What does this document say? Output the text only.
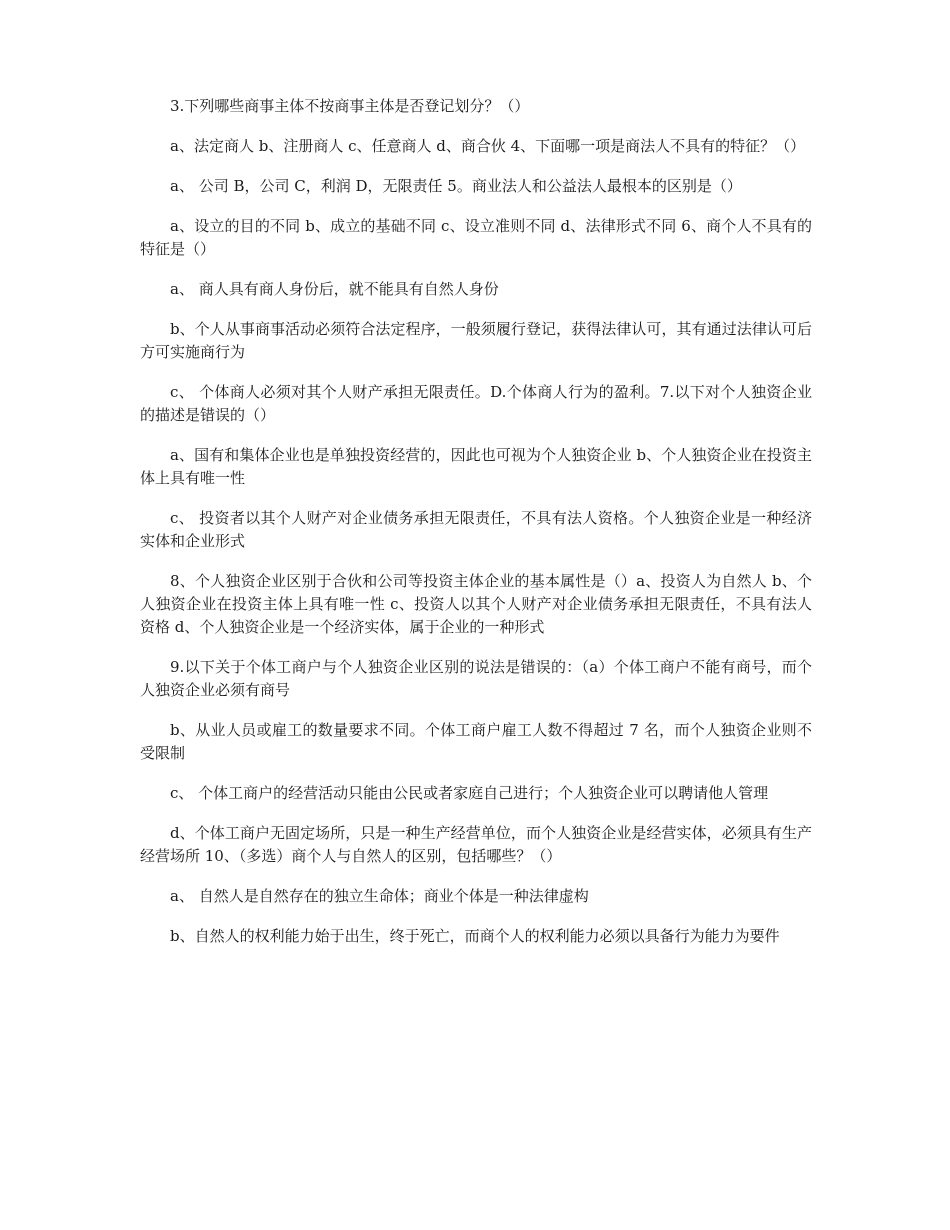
3.下列哪些商事主体不按商事主体是否登记划分？（）

a、法定商人 b、注册商人 c、任意商人 d、商合伙 4、下面哪一项是商法人不具有的特征？（）

a、 公司 B，公司 C，利润 D，无限责任 5。商业法人和公益法人最根本的区别是（）

a、设立的目的不同 b、成立的基础不同 c、设立准则不同 d、法律形式不同 6、商个人不具有的特征是（）

a、 商人具有商人身份后，就不能具有自然人身份

b、个人从事商事活动必须符合法定程序，一般须履行登记，获得法律认可，其有通过法律认可后方可实施商行为

c、 个体商人必须对其个人财产承担无限责任。D.个体商人行为的盈利。7.以下对个人独资企业的描述是错误的（）

a、国有和集体企业也是单独投资经营的，因此也可视为个人独资企业 b、个人独资企业在投资主体上具有唯一性

c、 投资者以其个人财产对企业债务承担无限责任，不具有法人资格。个人独资企业是一种经济实体和企业形式

8、个人独资企业区别于合伙和公司等投资主体企业的基本属性是（）a、投资人为自然人 b、个人独资企业在投资主体上具有唯一性 c、投资人以其个人财产对企业债务承担无限责任，不具有法人资格 d、个人独资企业是一个经济实体，属于企业的一种形式

9.以下关于个体工商户与个人独资企业区别的说法是错误的：（a）个体工商户不能有商号，而个人独资企业必须有商号

b、从业人员或雇工的数量要求不同。个体工商户雇工人数不得超过 7 名，而个人独资企业则不受限制

c、 个体工商户的经营活动只能由公民或者家庭自己进行；个人独资企业可以聘请他人管理

d、个体工商户无固定场所，只是一种生产经营单位，而个人独资企业是经营实体，必须具有生产经营场所 10、（多选）商个人与自然人的区别，包括哪些？（）

a、 自然人是自然存在的独立生命体；商业个体是一种法律虚构

b、自然人的权利能力始于出生，终于死亡，而商个人的权利能力必须以具备行为能力为要件
